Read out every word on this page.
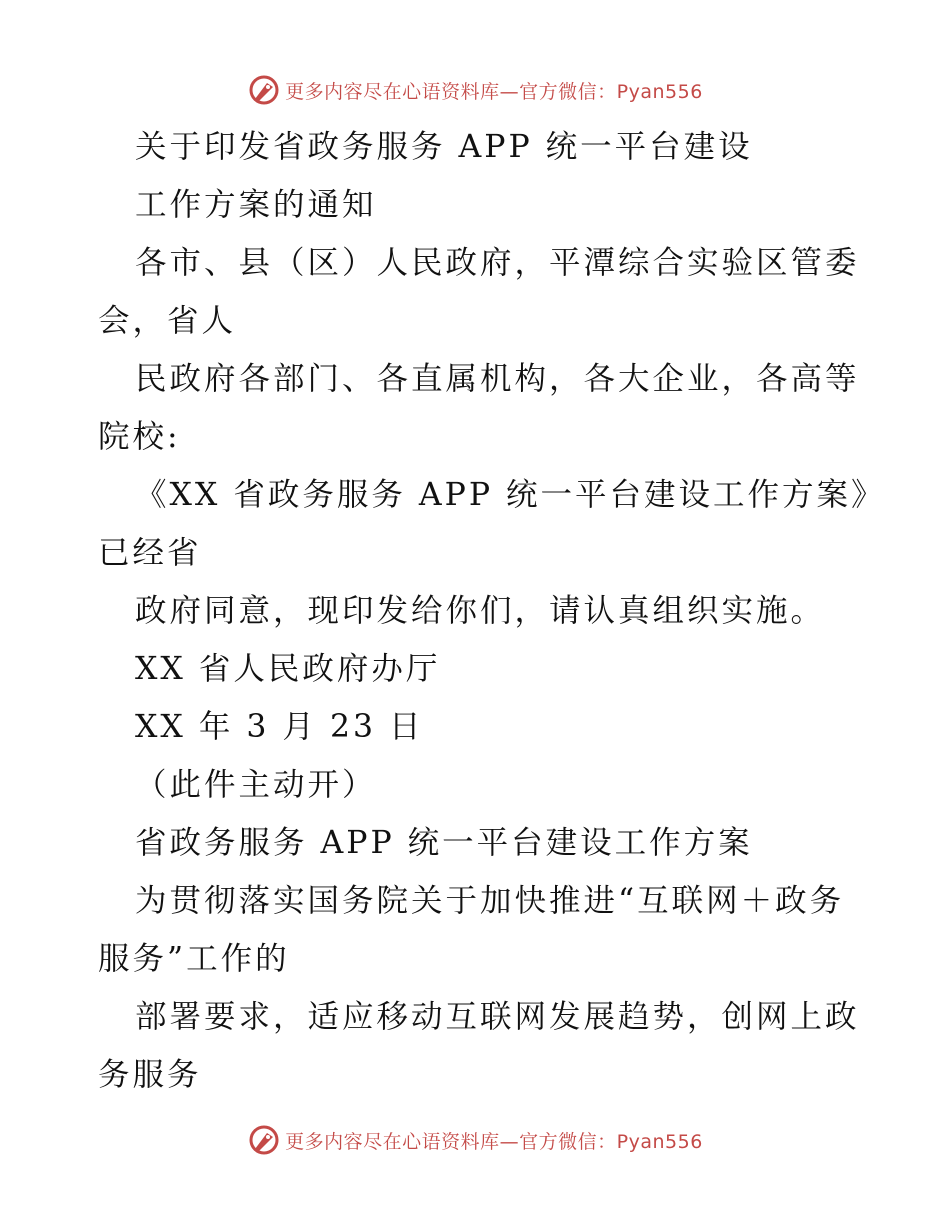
更多内容尽在心语资料库—官方微信：Pyan556

关于印发省政务服务 APP 统一平台建设

工作方案的通知

各市、县（区）人民政府，平潭综合实验区管委

会，省人

民政府各部门、各直属机构，各大企业，各高等

院校:

《XX 省政务服务 APP 统一平台建设工作方案》

已经省

政府同意，现印发给你们，请认真组织实施。

XX 省人民政府办厅

XX 年 3 月 23 日

（此件主动开）

省政务服务 APP 统一平台建设工作方案

为贯彻落实国务院关于加快推进“互联网＋政务

服务”工作的

部署要求，适应移动互联网发展趋势，创网上政

务服务

更多内容尽在心语资料库—官方微信：Pyan556
